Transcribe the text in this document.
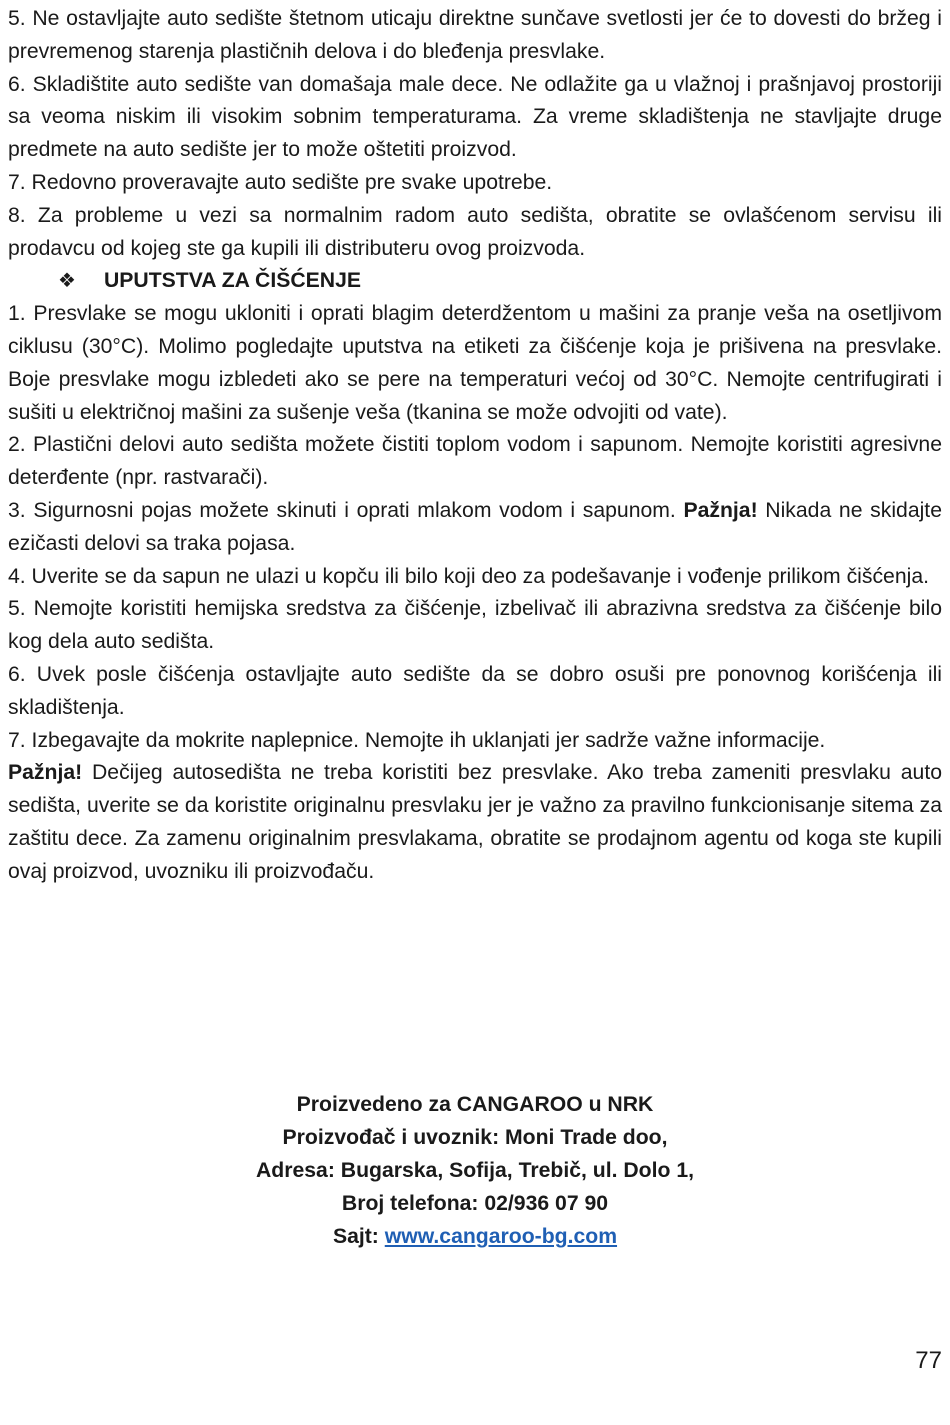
5. Ne ostavljajte auto sedište štetnom uticaju direktne sunčave svetlosti jer će to dovesti do bržeg i prevremenog starenja plastičnih delova i do bleđenja presvlake.

6. Skladištite auto sedište van domašaja male dece. Ne odlažite ga u vlažnoj i prašnjavoj prostoriji sa veoma niskim ili visokim sobnim temperaturama. Za vreme skladištenja ne stavljajte druge predmete na auto sedište jer to može oštetiti proizvod.

7. Redovno proveravajte auto sedište pre svake upotrebe.

8. Za probleme u vezi sa normalnim radom auto sedišta, obratite se ovlašćenom servisu ili prodavcu od kojeg ste ga kupili ili distributeru ovog proizvoda.

❖	UPUTSTVA ZA ČIŠĆENJE

1. Presvlake se mogu ukloniti i oprati blagim deterdžentom u mašini za pranje veša na osetljivom ciklusu (30°C). Molimo pogledajte uputstva na etiketi za čišćenje koja je prišivena na presvlake. Boje presvlake mogu izbledeti ako se pere na temperaturi većoj od 30°C. Nemojte centrifugirati i sušiti u električnoj mašini za sušenje veša (tkanina se može odvojiti od vate).

2. Plastični delovi auto sedišta možete čistiti toplom vodom i sapunom. Nemojte koristiti agresivne deterđente (npr. rastvarači).

3. Sigurnosni pojas možete skinuti i oprati mlakom vodom i sapunom. Pažnja! Nikada ne skidajte ezičasti delovi sa traka pojasa.

4. Uverite se da sapun ne ulazi u kopču ili bilo koji deo za podešavanje i vođenje prilikom čišćenja.

5. Nemojte koristiti hemijska sredstva za čišćenje, izbelivač ili abrazivna sredstva za čišćenje bilo kog dela auto sedišta.

6. Uvek posle čišćenja ostavljajte auto sedište da se dobro osuši pre ponovnog korišćenja ili skladištenja.

7. Izbegavajte da mokrite naplepnice. Nemojte ih uklanjati jer sadrže važne informacije.

Pažnja! Dečijeg autosedišta ne treba koristiti bez presvlake. Ako treba zameniti presvlaku auto sedišta, uverite se da koristite originalnu presvlaku jer je važno za pravilno funkcionisanje sitema za zaštitu dece. Za zamenu originalnim presvlakama, obratite se prodajnom agentu od koga ste kupili ovaj proizvod, uvozniku ili proizvođaču.

Proizvedeno za CANGAROO u NRK
Proizvođač i uvoznik: Moni Trade doo,
Adresa: Bugarska, Sofija, Trebič, ul. Dolo 1,
Broj telefona: 02/936 07 90
Sajt: www.cangaroo-bg.com
77
